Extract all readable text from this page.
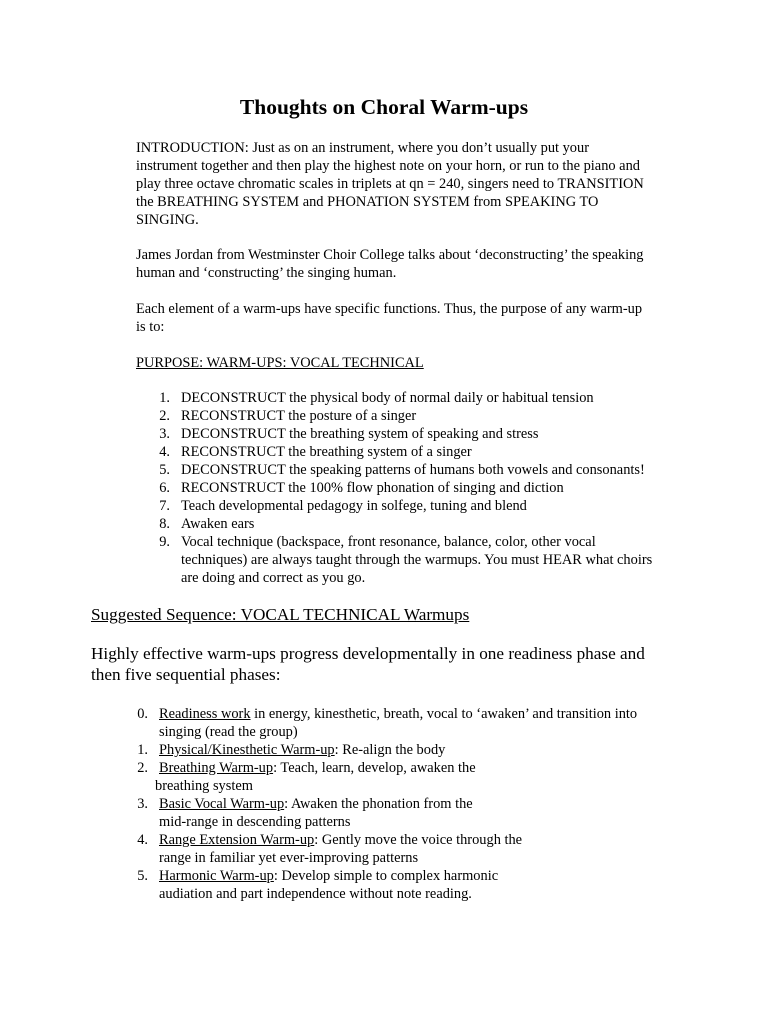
Thoughts on Choral Warm-ups
INTRODUCTION: Just as on an instrument, where you don’t usually put your
instrument together and then play the highest note on your horn, or run to the piano and
play three octave chromatic scales in triplets at qn = 240, singers need to TRANSITION
the BREATHING SYSTEM and PHONATION SYSTEM from SPEAKING TO
SINGING.
James Jordan from Westminster Choir College talks about ‘deconstructing’ the speaking
human and ‘constructing’ the singing human.
Each element of a warm-ups have specific functions. Thus, the purpose of any warm-up
is to:
PURPOSE: WARM-UPS: VOCAL TECHNICAL
1. DECONSTRUCT the physical body of normal daily or habitual tension
2. RECONSTRUCT the posture of a singer
3. DECONSTRUCT the breathing system of speaking and stress
4. RECONSTRUCT the breathing system of a singer
5. DECONSTRUCT the speaking patterns of humans both vowels and consonants!
6. RECONSTRUCT the 100% flow phonation of singing and diction
7. Teach developmental pedagogy in solfege, tuning and blend
8. Awaken ears
9. Vocal technique (backspace, front resonance, balance, color, other vocal
techniques) are always taught through the warmups. You must HEAR what choirs
are doing and correct as you go.
Suggested Sequence: VOCAL TECHNICAL Warmups
Highly effective warm-ups progress developmentally in one readiness phase and
then five sequential phases:
0. Readiness work in energy, kinesthetic, breath, vocal to ‘awaken’ and transition into
singing (read the group)
1. Physical/Kinesthetic Warm-up: Re-align the body
2. Breathing Warm-up: Teach, learn, develop, awaken the
breathing system
3. Basic Vocal Warm-up: Awaken the phonation from the
mid-range in descending patterns
4. Range Extension Warm-up: Gently move the voice through the
range in familiar yet ever-improving patterns
5. Harmonic Warm-up: Develop simple to complex harmonic
audiation and part independence without note reading.
